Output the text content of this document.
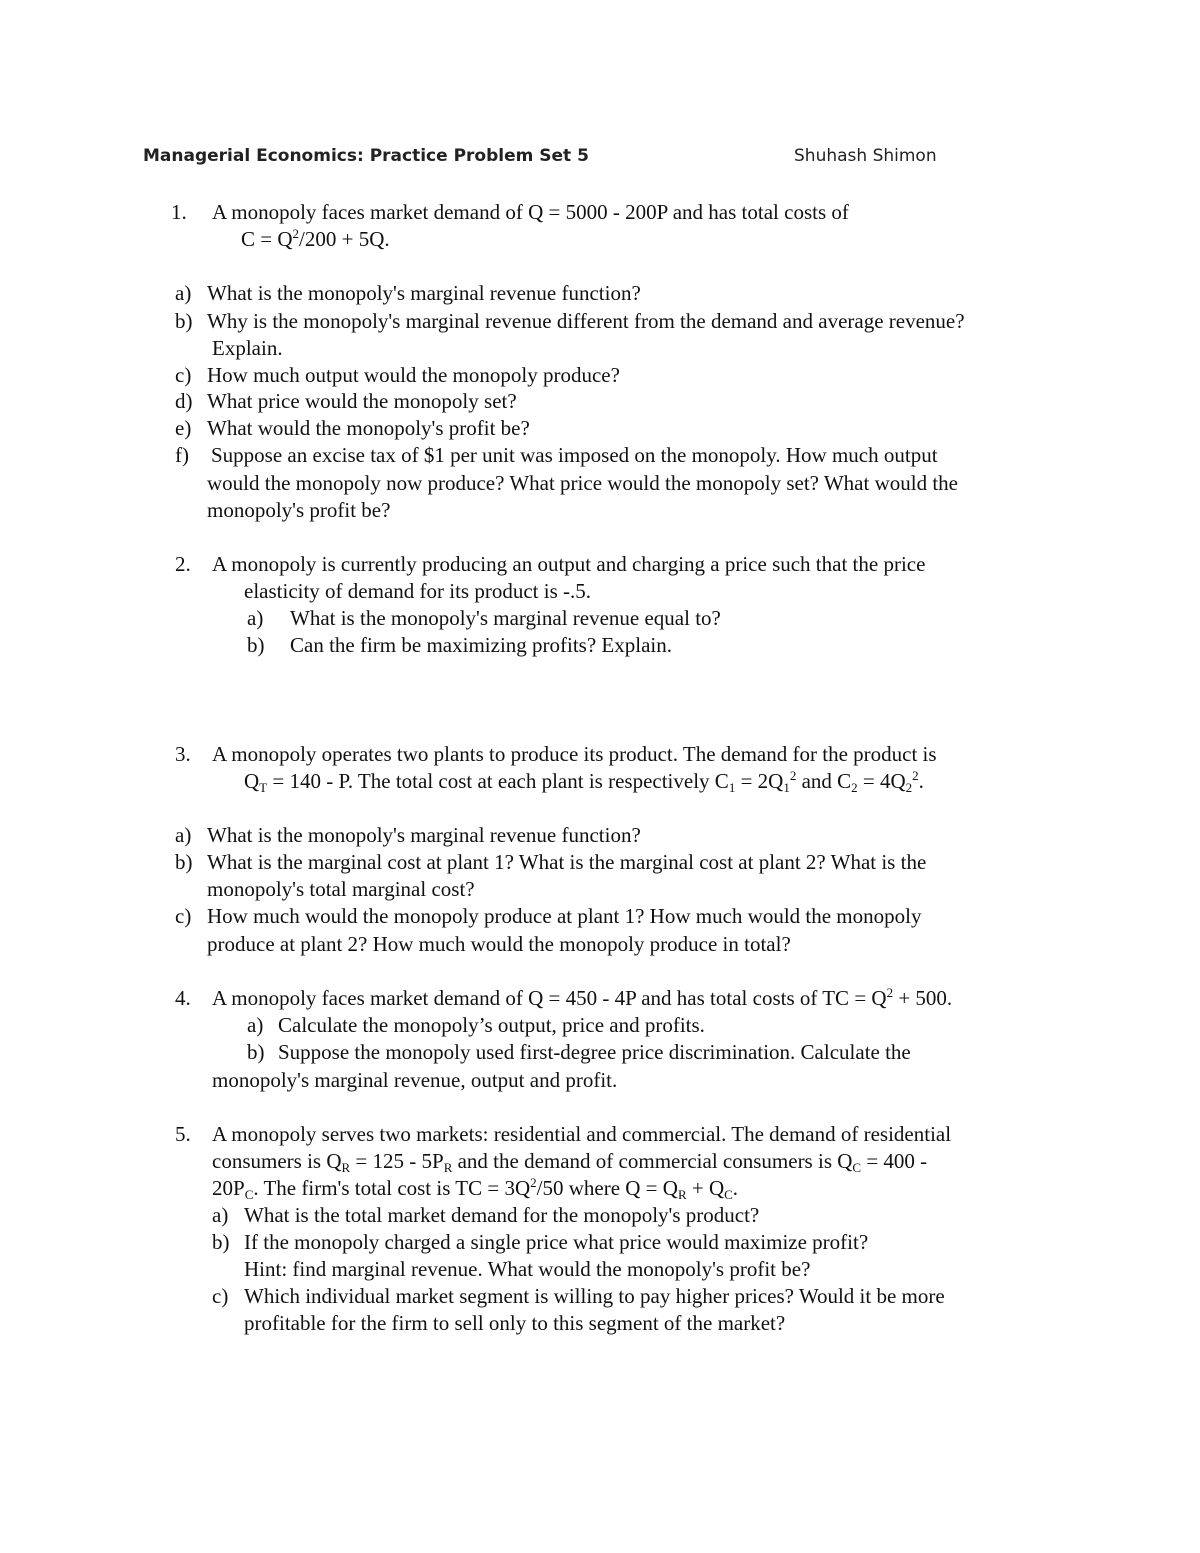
Managerial Economics: Practice Problem Set 5	Shuhash Shimon
1. A monopoly faces market demand of Q = 5000 - 200P and has total costs of
$C = Q^2/200 + 5Q$.
a) What is the monopoly's marginal revenue function?
b) Why is the monopoly's marginal revenue different from the demand and average revenue?
Explain.
c) How much output would the monopoly produce?
d) What price would the monopoly set?
e) What would the monopoly's profit be?
f) Suppose an excise tax of $1 per unit was imposed on the monopoly. How much output
would the monopoly now produce? What price would the monopoly set? What would the
monopoly's profit be?
2. A monopoly is currently producing an output and charging a price such that the price
elasticity of demand for its product is -.5.
a) What is the monopoly's marginal revenue equal to?
b) Can the firm be maximizing profits? Explain.
3. A monopoly operates two plants to produce its product. The demand for the product is
$Q_T = 140 - P$. The total cost at each plant is respectively $C_1 = 2Q_1^2$ and $C_2 = 4Q_2^2$.
a) What is the monopoly's marginal revenue function?
b) What is the marginal cost at plant 1? What is the marginal cost at plant 2? What is the
monopoly's total marginal cost?
c) How much would the monopoly produce at plant 1? How much would the monopoly
produce at plant 2? How much would the monopoly produce in total?
4. A monopoly faces market demand of Q = 450 - 4P and has total costs of TC = $Q^2 + 500$.
a) Calculate the monopoly’s output, price and profits.
b) Suppose the monopoly used first-degree price discrimination. Calculate the
monopoly's marginal revenue, output and profit.
5. A monopoly serves two markets: residential and commercial. The demand of residential
consumers is $Q_R = 125 - 5P_R$ and the demand of commercial consumers is $Q_C = 400$ -
$20P_C$. The firm's total cost is TC = $3Q^2/50$ where $Q = Q_R + Q_C$.
a) What is the total market demand for the monopoly's product?
b) If the monopoly charged a single price what price would maximize profit?
Hint: find marginal revenue. What would the monopoly's profit be?
c) Which individual market segment is willing to pay higher prices? Would it be more
profitable for the firm to sell only to this segment of the market?
